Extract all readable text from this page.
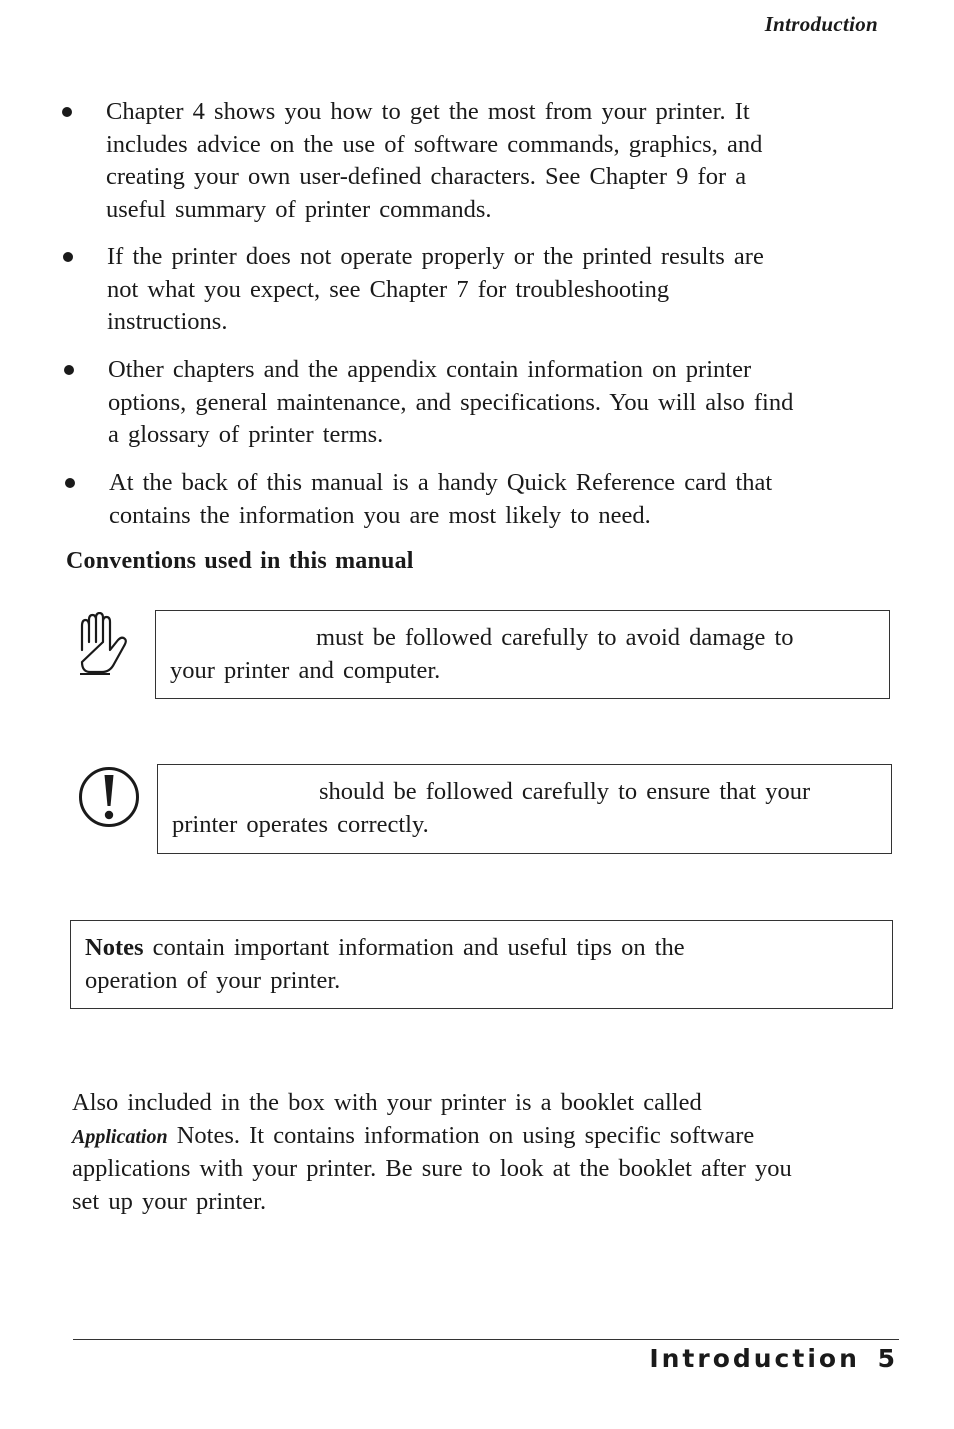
Introduction
Chapter 4 shows you how to get the most from your printer. It
includes advice on the use of software commands, graphics, and
creating your own user-defined characters. See Chapter 9 for a
useful summary of printer commands.
If the printer does not operate properly or the printed results are
not what you expect, see Chapter 7 for troubleshooting
instructions.
Other chapters and the appendix contain information on printer
options, general maintenance, and specifications. You will also find
a glossary of printer terms.
At the back of this manual is a handy Quick Reference card that
contains the information you are most likely to need.
Conventions used in this manual
must be followed carefully to avoid damage to
your printer and computer.
should be followed carefully to ensure that your
printer operates correctly.
Notes contain important information and useful tips on the
operation of your printer.
Also included in the box with your printer is a booklet called
Application Notes. It contains information on using specific software
applications with your printer. Be sure to look at the booklet after you
set up your printer.
Introduction 5
